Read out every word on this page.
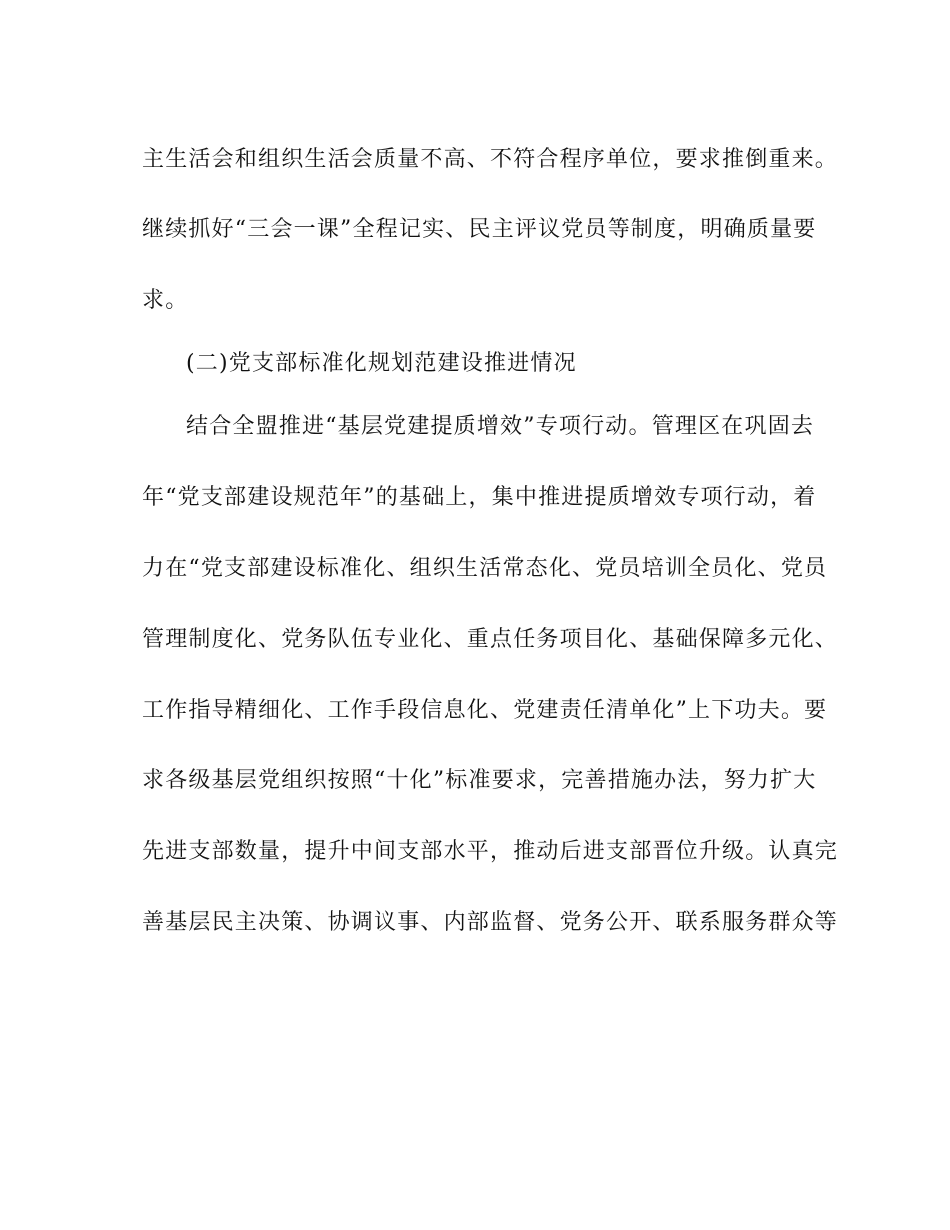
主生活会和组织生活会质量不高、不符合程序单位，要求推倒重来。
继续抓好“三会一课”全程记实、民主评议党员等制度，明确质量要
求。
(二)党支部标准化规划范建设推进情况
结合全盟推进“基层党建提质增效”专项行动。管理区在巩固去
年“党支部建设规范年”的基础上，集中推进提质增效专项行动，着
力在“党支部建设标准化、组织生活常态化、党员培训全员化、党员
管理制度化、党务队伍专业化、重点任务项目化、基础保障多元化、
工作指导精细化、工作手段信息化、党建责任清单化”上下功夫。要
求各级基层党组织按照“十化”标准要求，完善措施办法，努力扩大
先进支部数量，提升中间支部水平，推动后进支部晋位升级。认真完
善基层民主决策、协调议事、内部监督、党务公开、联系服务群众等
